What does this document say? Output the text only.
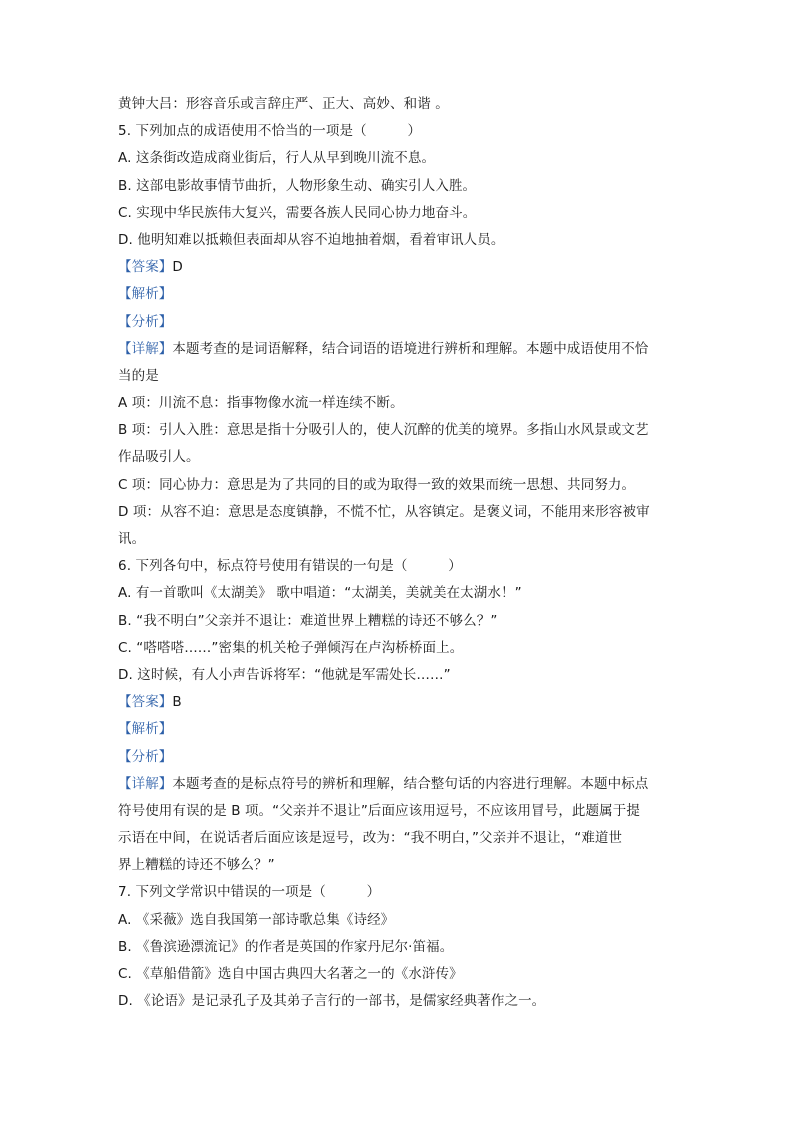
黄钟大吕：形容音乐或言辞庄严、正大、高妙、和谐 。
5. 下列加点的成语使用不恰当的一项是（　　　）
A. 这条街改造成商业街后，行人从早到晚川流不息。
B. 这部电影故事情节曲折，人物形象生动、确实引人入胜。
C. 实现中华民族伟大复兴，需要各族人民同心协力地奋斗。
D. 他明知难以抵赖但表面却从容不迫地抽着烟，看着审讯人员。
【答案】D
【解析】
【分析】
【详解】本题考查的是词语解释，结合词语的语境进行辨析和理解。本题中成语使用不恰
当的是
A 项：川流不息：指事物像水流一样连续不断。
B 项：引人入胜：意思是指十分吸引人的，使人沉醉的优美的境界。多指山水风景或文艺
作品吸引人。
C 项：同心协力：意思是为了共同的目的或为取得一致的效果而统一思想、共同努力。
D 项：从容不迫：意思是态度镇静，不慌不忙，从容镇定。是褒义词，不能用来形容被审
讯。
6. 下列各句中，标点符号使用有错误的一句是（　　　）
A. 有一首歌叫《太湖美》 歌中唱道：“太湖美，美就美在太湖水！”
B. “我不明白”父亲并不退让：难道世界上糟糕的诗还不够么？”
C. “嗒嗒嗒……”密集的机关枪子弹倾泻在卢沟桥桥面上。
D. 这时候，有人小声告诉将军：“他就是军需处长……”
【答案】B
【解析】
【分析】
【详解】本题考查的是标点符号的辨析和理解，结合整句话的内容进行理解。本题中标点
符号使用有误的是 B 项。“父亲并不退让”后面应该用逗号，不应该用冒号，此题属于提
示语在中间，在说话者后面应该是逗号，改为：“我不明白，”父亲并不退让，“难道世
界上糟糕的诗还不够么？”
7. 下列文学常识中错误的一项是（　　　）
A. 《采薇》选自我国第一部诗歌总集《诗经》
B. 《鲁滨逊漂流记》的作者是英国的作家丹尼尔·笛福。
C. 《草船借箭》选自中国古典四大名著之一的《水浒传》
D. 《论语》是记录孔子及其弟子言行的一部书，是儒家经典著作之一。
